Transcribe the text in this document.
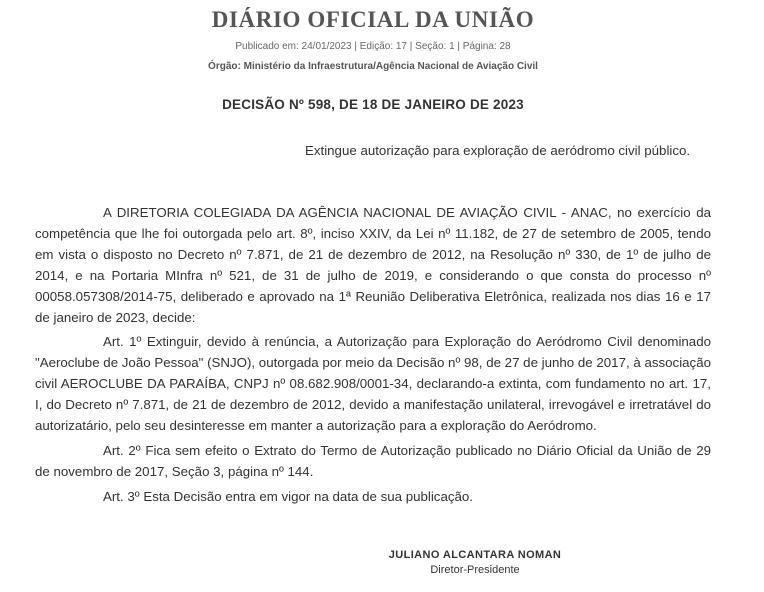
DIÁRIO OFICIAL DA UNIÃO
Publicado em: 24/01/2023 | Edição: 17 | Seção: 1 | Página: 28
Órgão: Ministério da Infraestrutura/Agência Nacional de Aviação Civil
DECISÃO Nº 598, DE 18 DE JANEIRO DE 2023
Extingue autorização para exploração de aeródromo civil público.

A DIRETORIA COLEGIADA DA AGÊNCIA NACIONAL DE AVIAÇÃO CIVIL - ANAC, no exercício da competência que lhe foi outorgada pelo art. 8º, inciso XXIV, da Lei nº 11.182, de 27 de setembro de 2005, tendo em vista o disposto no Decreto nº 7.871, de 21 de dezembro de 2012, na Resolução nº 330, de 1º de julho de 2014, e na Portaria MInfra nº 521, de 31 de julho de 2019, e considerando o que consta do processo nº 00058.057308/2014-75, deliberado e aprovado na 1ª Reunião Deliberativa Eletrônica, realizada nos dias 16 e 17 de janeiro de 2023, decide:

Art. 1º Extinguir, devido à renúncia, a Autorização para Exploração do Aeródromo Civil denominado "Aeroclube de João Pessoa" (SNJO), outorgada por meio da Decisão nº 98, de 27 de junho de 2017, à associação civil AEROCLUBE DA PARAÍBA, CNPJ nº 08.682.908/0001-34, declarando-a extinta, com fundamento no art. 17, I, do Decreto nº 7.871, de 21 de dezembro de 2012, devido a manifestação unilateral, irrevogável e irretratável do autorizatário, pelo seu desinteresse em manter a autorização para a exploração do Aeródromo.

Art. 2º Fica sem efeito o Extrato do Termo de Autorização publicado no Diário Oficial da União de 29 de novembro de 2017, Seção 3, página nº 144.

Art. 3º Esta Decisão entra em vigor na data de sua publicação.

JULIANO ALCANTARA NOMAN
Diretor-Presidente
